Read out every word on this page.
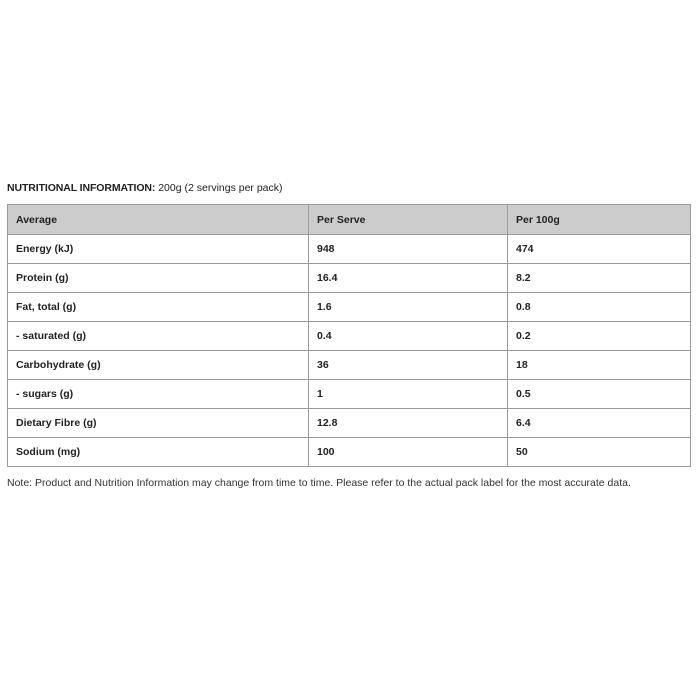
NUTRITIONAL INFORMATION: 200g (2 servings per pack)

Average	Per Serve	Per 100g
Energy (kJ)	948	474
Protein (g)	16.4	8.2
Fat, total (g)	1.6	0.8
- saturated (g)	0.4	0.2
Carbohydrate (g)	36	18
- sugars (g)	1	0.5
Dietary Fibre (g)	12.8	6.4
Sodium (mg)	100	50

Note: Product and Nutrition Information may change from time to time. Please refer to the actual pack label for the most accurate data.
